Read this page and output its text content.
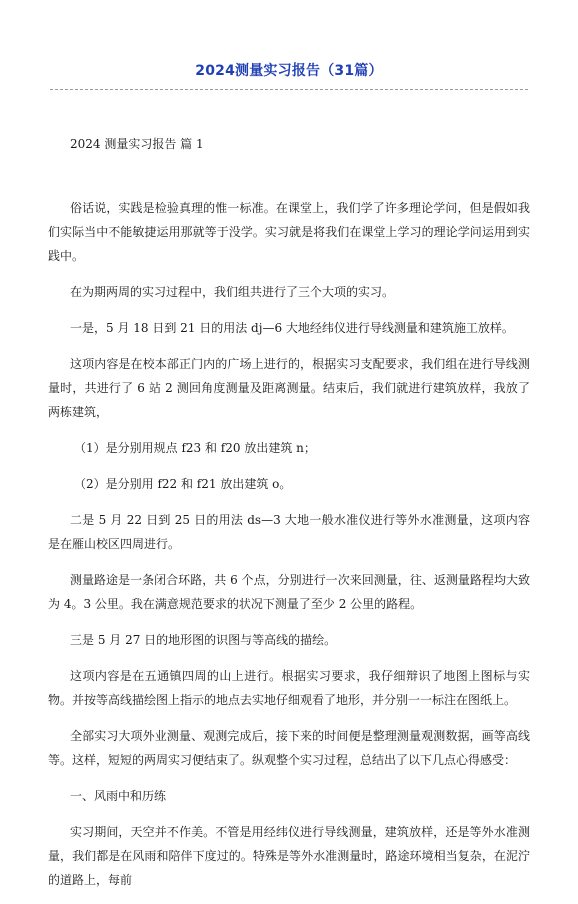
2024测量实习报告（31篇）
2024 测量实习报告 篇 1

俗话说，实践是检验真理的惟一标准。在课堂上，我们学了许多理论学问，但是假如我们实际当中不能敏捷运用那就等于没学。实习就是将我们在课堂上学习的理论学问运用到实践中。

在为期两周的实习过程中，我们组共进行了三个大项的实习。

一是，5 月 18 日到 21 日的用法 dj—6 大地经纬仪进行导线测量和建筑施工放样。

这项内容是在校本部正门内的广场上进行的，根据实习支配要求，我们组在进行导线测量时，共进行了 6 站 2 测回角度测量及距离测量。结束后，我们就进行建筑放样，我放了两栋建筑，

（1）是分别用规点 f23 和 f20 放出建筑 n；

（2）是分别用 f22 和 f21 放出建筑 o。

二是 5 月 22 日到 25 日的用法 ds—3 大地一般水准仪进行等外水准测量，这项内容是在雁山校区四周进行。

测量路途是一条闭合环路，共 6 个点，分别进行一次来回测量，往、返测量路程均大致为 4。3 公里。我在满意规范要求的状况下测量了至少 2 公里的路程。

三是 5 月 27 日的地形图的识图与等高线的描绘。

这项内容是在五通镇四周的山上进行。根据实习要求，我仔细辩识了地图上图标与实物。并按等高线描绘图上指示的地点去实地仔细观看了地形，并分别一一标注在图纸上。

全部实习大项外业测量、观测完成后，接下来的时间便是整理测量观测数据，画等高线等。这样，短短的两周实习便结束了。纵观整个实习过程，总结出了以下几点心得感受：

一、风雨中和历练

实习期间，天空并不作美。不管是用经纬仪进行导线测量，建筑放样，还是等外水准测量，我们都是在风雨和陪伴下度过的。特殊是等外水准测量时，路途环境相当复杂，在泥泞的道路上，每前
